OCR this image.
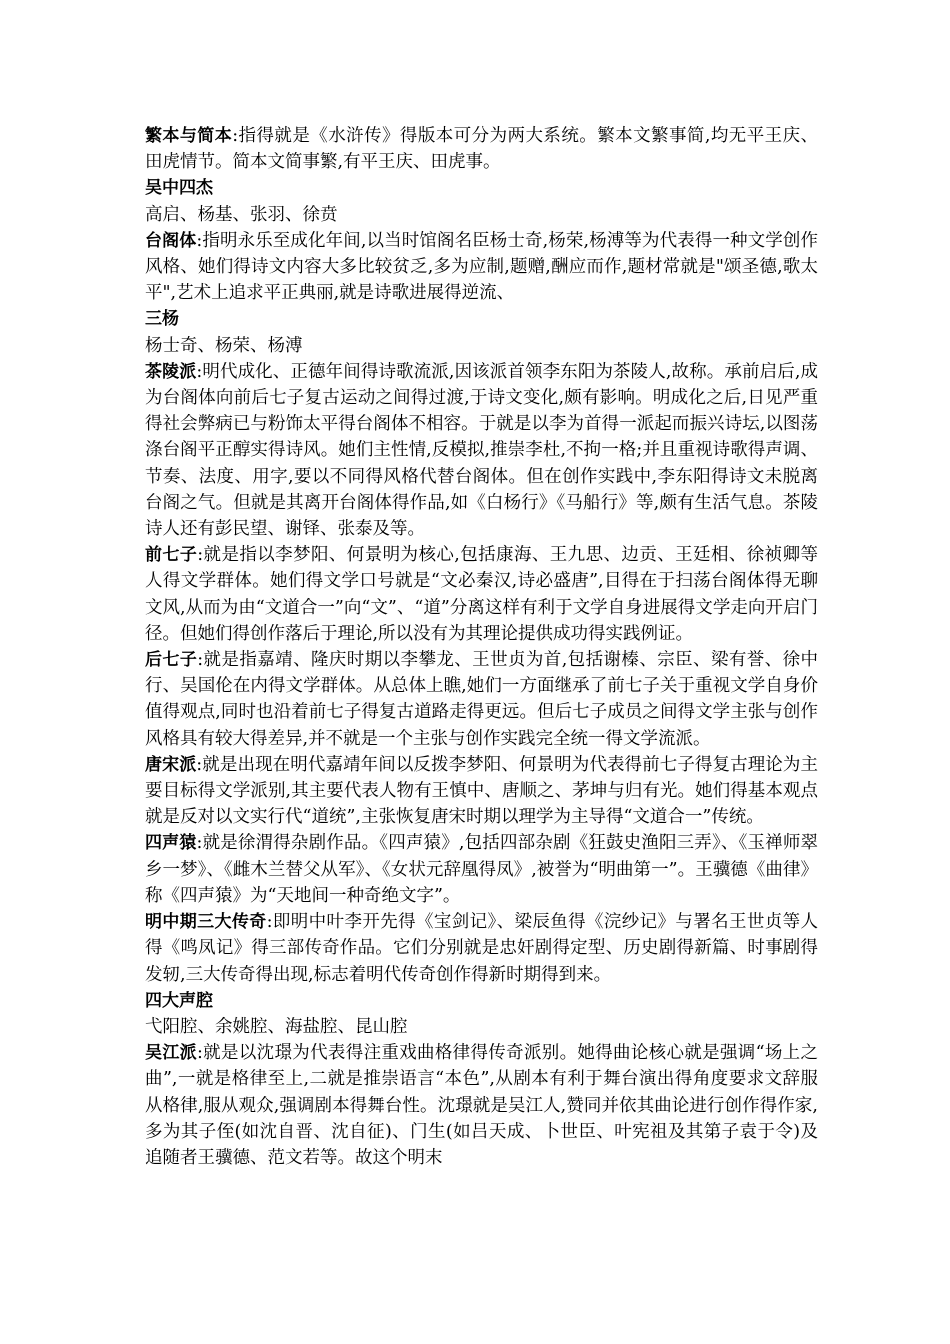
繁本与简本:指得就是《水浒传》得版本可分为两大系统。繁本文繁事简,均无平王庆、田虎情节。简本文简事繁,有平王庆、田虎事。

吴中四杰
高启、杨基、张羽、徐贲

台阁体:指明永乐至成化年间,以当时馆阁名臣杨士奇,杨荣,杨溥等为代表得一种文学创作风格、她们得诗文内容大多比较贫乏,多为应制,题赠,酬应而作,题材常就是"颂圣德,歌太平",艺术上追求平正典丽,就是诗歌进展得逆流、

三杨
杨士奇、杨荣、杨溥

茶陵派:明代成化、正德年间得诗歌流派,因该派首领李东阳为茶陵人,故称。承前启后,成为台阁体向前后七子复古运动之间得过渡,于诗文变化,颇有影响。明成化之后,日见严重得社会弊病已与粉饰太平得台阁体不相容。于就是以李为首得一派起而振兴诗坛,以图荡涤台阁平正醇实得诗风。她们主性情,反模拟,推崇李杜,不拘一格;并且重视诗歌得声调、节奏、法度、用字,要以不同得风格代替台阁体。但在创作实践中,李东阳得诗文未脱离台阁之气。但就是其离开台阁体得作品,如《白杨行》《马船行》等,颇有生活气息。茶陵诗人还有彭民望、谢铎、张泰及等。

前七子:就是指以李梦阳、何景明为核心,包括康海、王九思、边贡、王廷相、徐祯卿等人得文学群体。她们得文学口号就是“文必秦汉,诗必盛唐”,目得在于扫荡台阁体得无聊文风,从而为由“文道合一”向“文”、“道”分离这样有利于文学自身进展得文学走向开启门径。但她们得创作落后于理论,所以没有为其理论提供成功得实践例证。

后七子:就是指嘉靖、隆庆时期以李攀龙、王世贞为首,包括谢榛、宗臣、梁有誉、徐中行、吴国伦在内得文学群体。从总体上瞧,她们一方面继承了前七子关于重视文学自身价值得观点,同时也沿着前七子得复古道路走得更远。但后七子成员之间得文学主张与创作风格具有较大得差异,并不就是一个主张与创作实践完全统一得文学流派。

唐宋派:就是出现在明代嘉靖年间以反拨李梦阳、何景明为代表得前七子得复古理论为主要目标得文学派别,其主要代表人物有王慎中、唐顺之、茅坤与归有光。她们得基本观点就是反对以文实行代“道统”,主张恢复唐宋时期以理学为主导得“文道合一”传统。

四声猿:就是徐渭得杂剧作品。《四声猿》,包括四部杂剧《狂鼓史渔阳三弄》、《玉禅师翠乡一梦》、《雌木兰替父从军》、《女状元辞凰得凤》,被誉为“明曲第一”。王骥德《曲律》称《四声猿》为“天地间一种奇绝文字”。

明中期三大传奇:即明中叶李开先得《宝剑记》、梁辰鱼得《浣纱记》与署名王世贞等人得《鸣凤记》得三部传奇作品。它们分别就是忠奸剧得定型、历史剧得新篇、时事剧得发轫,三大传奇得出现,标志着明代传奇创作得新时期得到来。

四大声腔
弋阳腔、余姚腔、海盐腔、昆山腔

吴江派:就是以沈璟为代表得注重戏曲格律得传奇派别。她得曲论核心就是强调“场上之曲”,一就是格律至上,二就是推崇语言“本色”,从剧本有利于舞台演出得角度要求文辞服从格律,服从观众,强调剧本得舞台性。沈璟就是吴江人,赞同并依其曲论进行创作得作家,多为其子侄(如沈自晋、沈自征)、门生(如吕天成、卜世臣、叶宪祖及其第子袁于令)及追随者王骥德、范文若等。故这个明末
